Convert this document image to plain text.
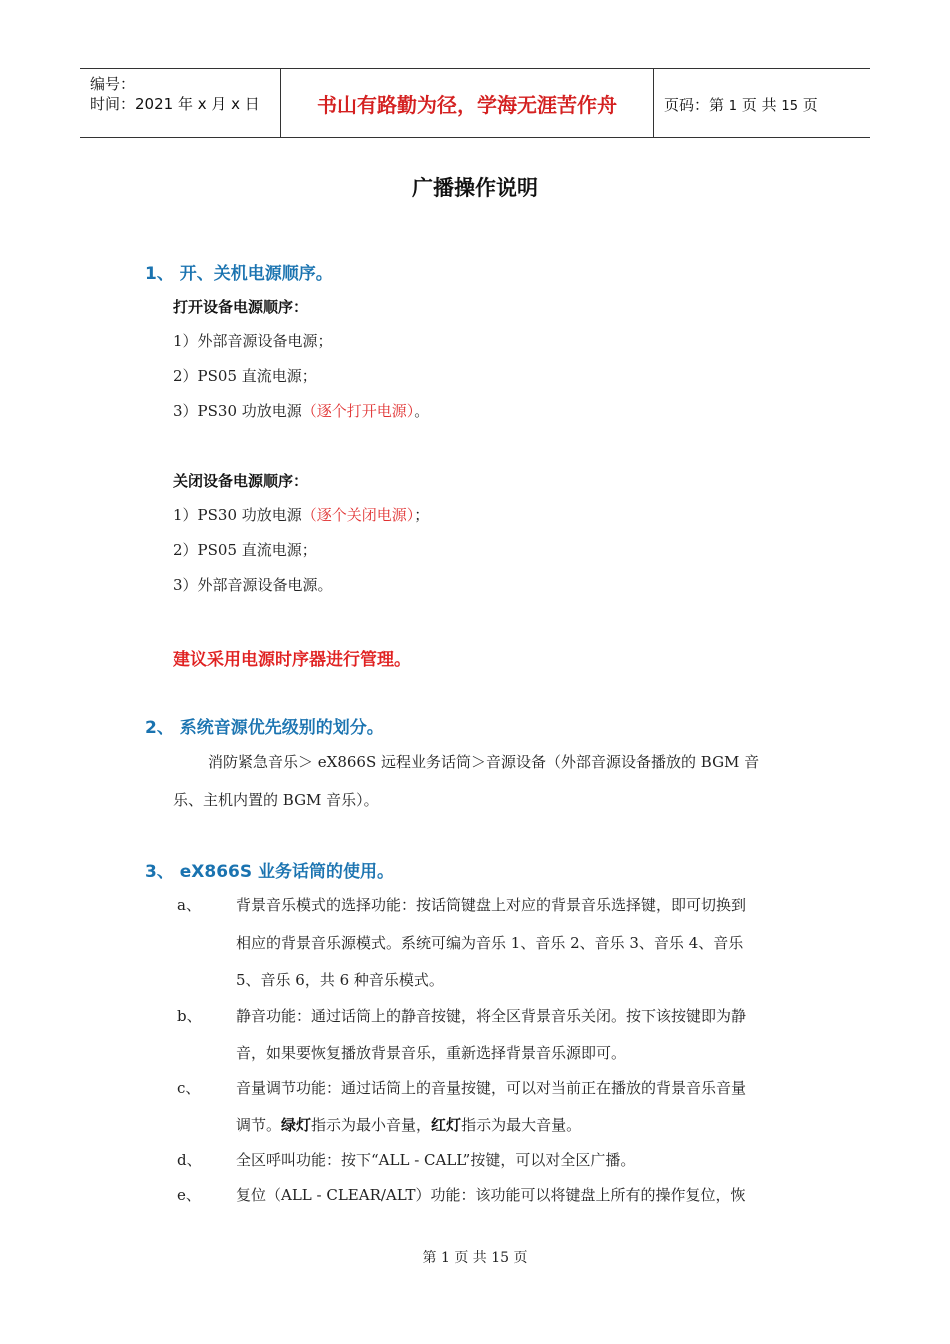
编号：
时间：2021 年 x 月 x 日	书山有路勤为径，学海无涯苦作舟	页码：第 1 页 共 15 页
广播操作说明
1、 开、关机电源顺序。
打开设备电源顺序：
1）外部音源设备电源；
2）PS05 直流电源；
3）PS30 功放电源（逐个打开电源）。
关闭设备电源顺序：
1）PS30 功放电源（逐个关闭电源）；
2）PS05 直流电源；
3）外部音源设备电源。
建议采用电源时序器进行管理。
2、 系统音源优先级别的划分。
消防紧急音乐＞ eX866S 远程业务话筒＞音源设备（外部音源设备播放的 BGM 音
乐、主机内置的 BGM 音乐）。
3、 eX866S 业务话筒的使用。
a、 背景音乐模式的选择功能：按话筒键盘上对应的背景音乐选择键，即可切换到
相应的背景音乐源模式。系统可编为音乐 1、音乐 2、音乐 3、音乐 4、音乐
5、音乐 6，共 6 种音乐模式。
b、 静音功能：通过话筒上的静音按键，将全区背景音乐关闭。按下该按键即为静
音，如果要恢复播放背景音乐，重新选择背景音乐源即可。
c、 音量调节功能：通过话筒上的音量按键，可以对当前正在播放的背景音乐音量
调节。绿灯指示为最小音量，红灯指示为最大音量。
d、 全区呼叫功能：按下“ALL - CALL”按键，可以对全区广播。
e、 复位（ALL - CLEAR/ALT）功能：该功能可以将键盘上所有的操作复位，恢
第 1 页 共 15 页
